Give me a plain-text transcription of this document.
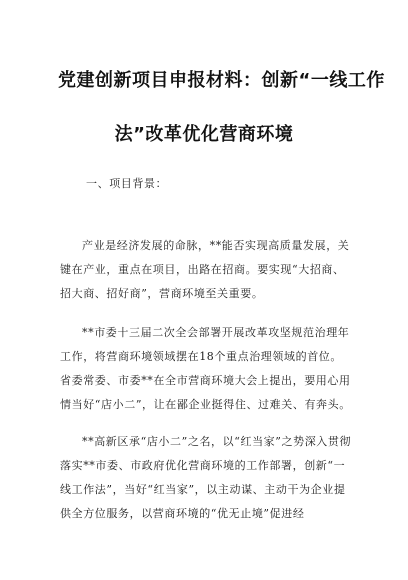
党建创新项目申报材料：创新“一线工作
法”改革优化营商环境
一、项目背景：

产业是经济发展的命脉，**能否实现高质量发展，关键在产业，重点在项目，出路在招商。要实现“大招商、招大商、招好商”，营商环境至关重要。

**市委十三届二次全会部署开展改革攻坚规范治理年工作，将营商环境领域摆在18个重点治理领域的首位。省委常委、市委**在全市营商环境大会上提出，要用心用情当好“店小二”，让在鄙企业挺得住、过难关、有奔头。

**高新区承“店小二”之名，以“红当家”之势深入贯彻落实**市委、市政府优化营商环境的工作部署，创新“一线工作法”，当好“红当家”，以主动谋、主动干为企业提供全方位服务，以营商环境的“优无止境”促进经
